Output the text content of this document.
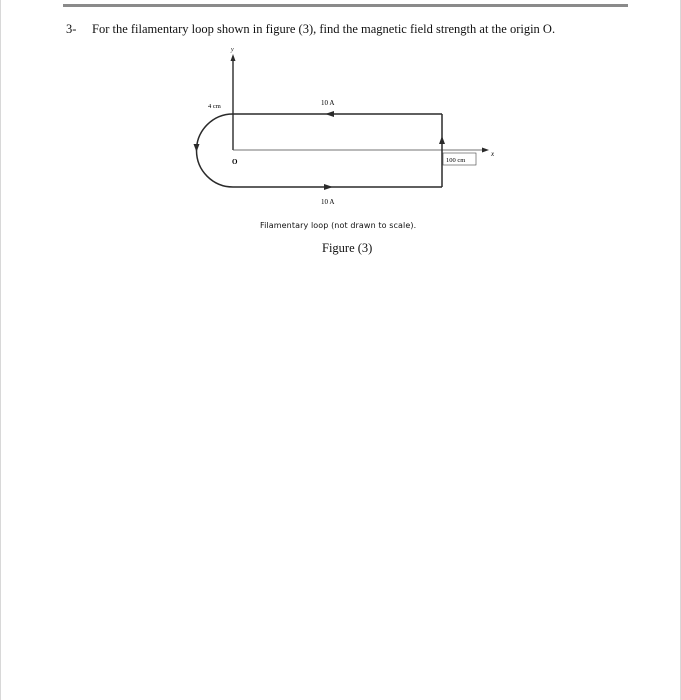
3- For the filamentary loop shown in figure (3), find the magnetic field strength at the origin O.
y
x
4 cm	10 A
10 A
O	100 cm
Filamentary loop (not drawn to scale).
Figure (3)
